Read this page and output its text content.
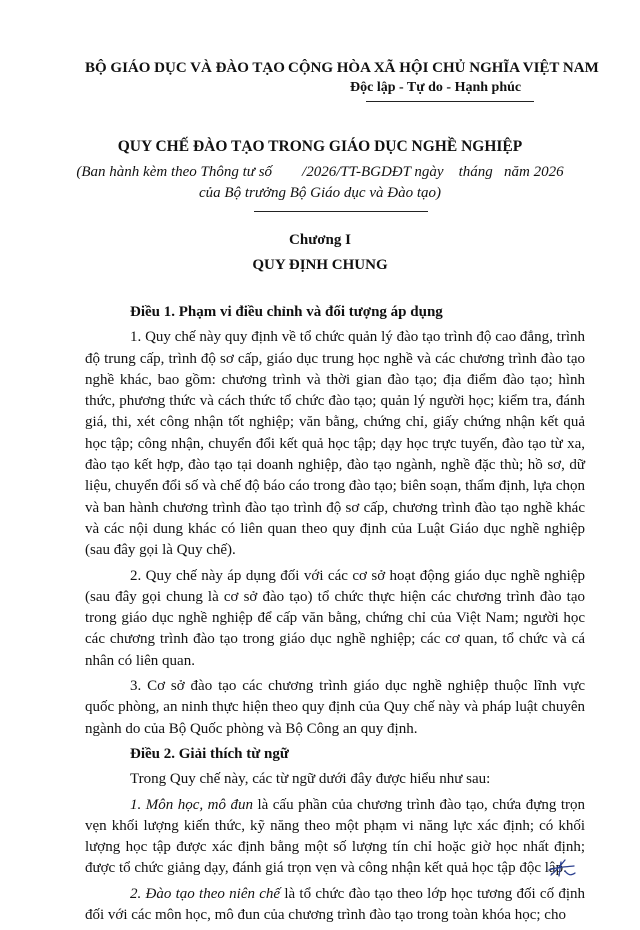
BỘ GIÁO DỤC VÀ ĐÀO TẠO CỘNG HÒA XÃ HỘI CHỦ NGHĨA VIỆT NAM
Độc lập - Tự do - Hạnh phúc
QUY CHẾ ĐÀO TẠO TRONG GIÁO DỤC NGHỀ NGHIỆP
(Ban hành kèm theo Thông tư số        /2026/TT-BGDĐT ngày    tháng   năm 2026
của Bộ trưởng Bộ Giáo dục và Đào tạo)
Chương I
QUY ĐỊNH CHUNG
Điều 1. Phạm vi điều chỉnh và đối tượng áp dụng

1. Quy chế này quy định về tổ chức quản lý đào tạo trình độ cao đẳng, trình độ trung cấp, trình độ sơ cấp, giáo dục trung học nghề và các chương trình đào tạo nghề khác, bao gồm: chương trình và thời gian đào tạo; địa điểm đào tạo; hình thức, phương thức và cách thức tổ chức đào tạo; quản lý người học; kiểm tra, đánh giá, thi, xét công nhận tốt nghiệp; văn bằng, chứng chỉ, giấy chứng nhận kết quả học tập; công nhận, chuyển đổi kết quả học tập; dạy học trực tuyến, đào tạo từ xa, đào tạo kết hợp, đào tạo tại doanh nghiệp, đào tạo ngành, nghề đặc thù; hồ sơ, dữ liệu, chuyển đổi số và chế độ báo cáo trong đào tạo; biên soạn, thẩm định, lựa chọn và ban hành chương trình đào tạo trình độ sơ cấp, chương trình đào tạo nghề khác và các nội dung khác có liên quan theo quy định của Luật Giáo dục nghề nghiệp (sau đây gọi là Quy chế).

2. Quy chế này áp dụng đối với các cơ sở hoạt động giáo dục nghề nghiệp (sau đây gọi chung là cơ sở đào tạo) tổ chức thực hiện các chương trình đào tạo trong giáo dục nghề nghiệp để cấp văn bằng, chứng chỉ của Việt Nam; người học các chương trình đào tạo trong giáo dục nghề nghiệp; các cơ quan, tổ chức và cá nhân có liên quan.

3. Cơ sở đào tạo các chương trình giáo dục nghề nghiệp thuộc lĩnh vực quốc phòng, an ninh thực hiện theo quy định của Quy chế này và pháp luật chuyên ngành do của Bộ Quốc phòng và Bộ Công an quy định.

Điều 2. Giải thích từ ngữ

Trong Quy chế này, các từ ngữ dưới đây được hiểu như sau:

1. Môn học, mô đun là cấu phần của chương trình đào tạo, chứa đựng trọn vẹn khối lượng kiến thức, kỹ năng theo một phạm vi năng lực xác định; có khối lượng học tập được xác định bằng một số lượng tín chỉ hoặc giờ học nhất định; được tổ chức giảng dạy, đánh giá trọn vẹn và công nhận kết quả học tập độc lập.

2. Đào tạo theo niên chế là tổ chức đào tạo theo lớp học tương đối cố định đối với các môn học, mô đun của chương trình đào tạo trong toàn khóa học; cho
